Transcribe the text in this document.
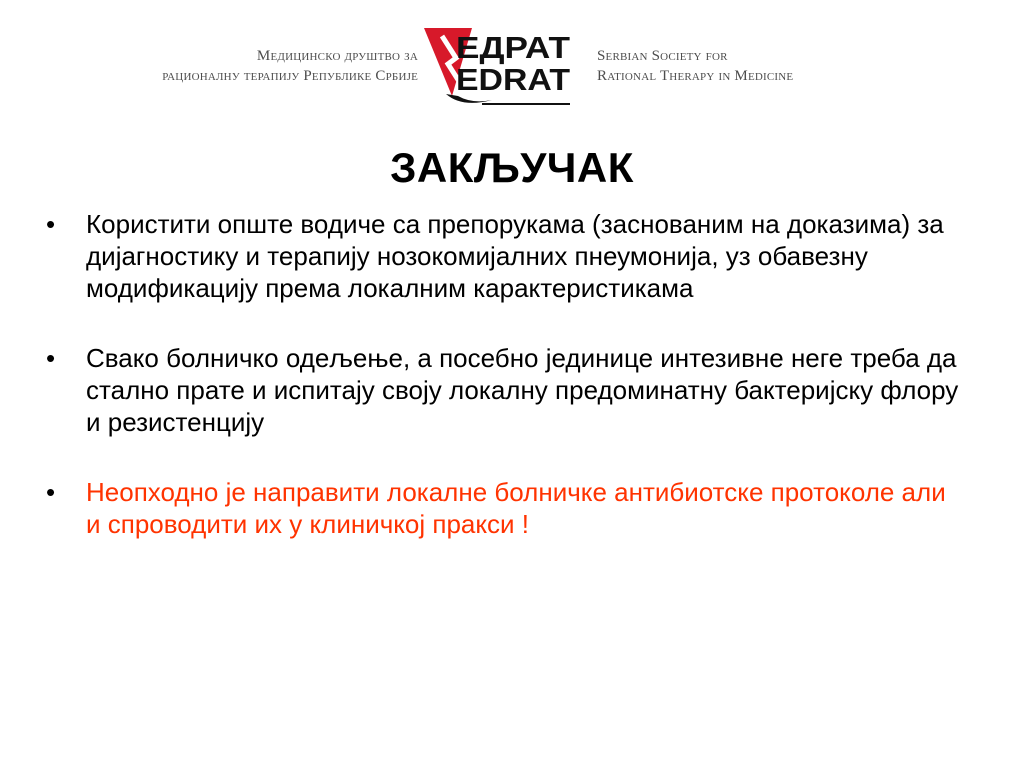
Медицинско друштво за
рационалну терапију Републике Србије
ЕДРАТ
EDRAT
Serbian Society for
Rational Therapy in Medicine
ЗАКЉУЧАК
•	Користити опште водиче са препорукама (заснованим на доказима) за дијагностику и терапију нозокомијалних пнеумонија, уз обавезну модификацију према локалним карактеристикама
•	Свако болничко одељење, а посебно јединице интезивне неге треба да стално прате и испитају своју локалну предоминатну бактеријску флору и резистенцију
•	Неопходно је направити локалне болничке антибиотске протоколе али и спроводити их у клиничкој пракси !
